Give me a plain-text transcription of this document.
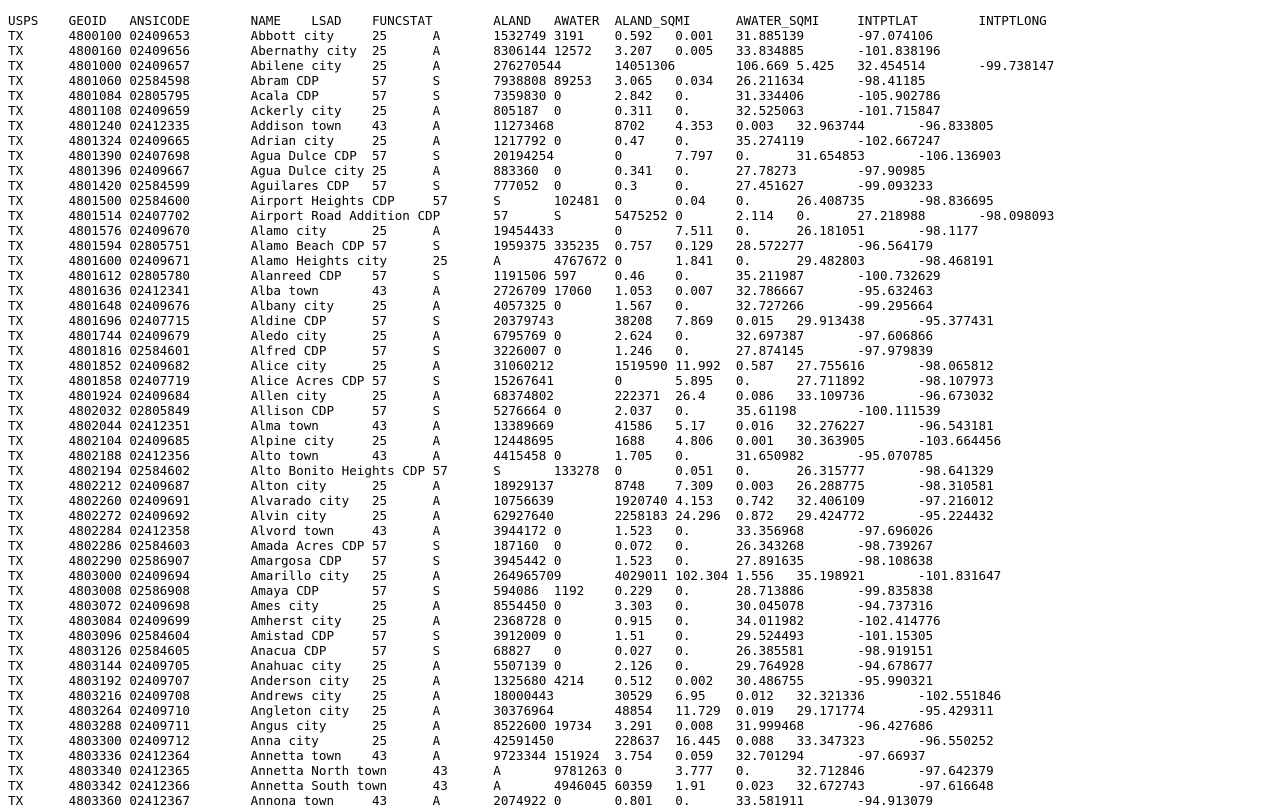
USPS	GEOID	ANSICODE	NAME	LSAD	FUNCSTAT	ALAND	AWATER	ALAND_SQMI	AWATER_SQMI	INTPTLAT	INTPTLONG
TX	4800100	02409653	Abbott city	25	A	1532749	3191	0.592	0.001	31.885139	-97.074106
TX	4800160	02409656	Abernathy city	25	A	8306144	12572	3.207	0.005	33.834885	-101.838196
TX	4801000	02409657	Abilene city	25	A	276270544	14051306	106.669	5.425	32.454514	-99.738147
TX	4801060	02584598	Abram CDP	57	S	7938808	89253	3.065	0.034	26.211634	-98.41185
TX	4801084	02805795	Acala CDP	57	S	7359830	0	2.842	0.	31.334406	-105.902786
TX	4801108	02409659	Ackerly city	25	A	805187	0	0.311	0.	32.525063	-101.715847
TX	4801240	02412335	Addison town	43	A	11273468	8702	4.353	0.003	32.963744	-96.833805
TX	4801324	02409665	Adrian city	25	A	1217792	0	0.47	0.	35.274119	-102.667247
TX	4801390	02407698	Agua Dulce CDP	57	S	20194254	0	7.797	0.	31.654853	-106.136903
TX	4801396	02409667	Agua Dulce city	25	A	883360	0	0.341	0.	27.78273	-97.90985
TX	4801420	02584599	Aguilares CDP	57	S	777052	0	0.3	0.	27.451627	-99.093233
TX	4801500	02584600	Airport Heights CDP	57	S	102481	0	0.04	0.	26.408735	-98.836695
TX	4801514	02407702	Airport Road Addition CDP	57	S	5475252	0	2.114	0.	27.218988	-98.098093
TX	4801576	02409670	Alamo city	25	A	19454433	0	7.511	0.	26.181051	-98.1177
TX	4801594	02805751	Alamo Beach CDP	57	S	1959375	335235	0.757	0.129	28.572277	-96.564179
TX	4801600	02409671	Alamo Heights city	25	A	4767672	0	1.841	0.	29.482803	-98.468191
TX	4801612	02805780	Alanreed CDP	57	S	1191506	597	0.46	0.	35.211987	-100.732629
TX	4801636	02412341	Alba town	43	A	2726709	17060	1.053	0.007	32.786667	-95.632463
TX	4801648	02409676	Albany city	25	A	4057325	0	1.567	0.	32.727266	-99.295664
TX	4801696	02407715	Aldine CDP	57	S	20379743	38208	7.869	0.015	29.913438	-95.377431
TX	4801744	02409679	Aledo city	25	A	6795769	0	2.624	0.	32.697387	-97.606866
TX	4801816	02584601	Alfred CDP	57	S	3226007	0	1.246	0.	27.874145	-97.979839
TX	4801852	02409682	Alice city	25	A	31060212	1519590	11.992	0.587	27.755616	-98.065812
TX	4801858	02407719	Alice Acres CDP	57	S	15267641	0	5.895	0.	27.711892	-98.107973
TX	4801924	02409684	Allen city	25	A	68374802	222371	26.4	0.086	33.109736	-96.673032
TX	4802032	02805849	Allison CDP	57	S	5276664	0	2.037	0.	35.61198	-100.111539
TX	4802044	02412351	Alma town	43	A	13389669	41586	5.17	0.016	32.276227	-96.543181
TX	4802104	02409685	Alpine city	25	A	12448695	1688	4.806	0.001	30.363905	-103.664456
TX	4802188	02412356	Alto town	43	A	4415458	0	1.705	0.	31.650982	-95.070785
TX	4802194	02584602	Alto Bonito Heights CDP	57	S	133278	0	0.051	0.	26.315777	-98.641329
TX	4802212	02409687	Alton city	25	A	18929137	8748	7.309	0.003	26.288775	-98.310581
TX	4802260	02409691	Alvarado city	25	A	10756639	1920740	4.153	0.742	32.406109	-97.216012
TX	4802272	02409692	Alvin city	25	A	62927640	2258183	24.296	0.872	29.424772	-95.224432
TX	4802284	02412358	Alvord town	43	A	3944172	0	1.523	0.	33.356968	-97.696026
TX	4802286	02584603	Amada Acres CDP	57	S	187160	0	0.072	0.	26.343268	-98.739267
TX	4802290	02586907	Amargosa CDP	57	S	3945442	0	1.523	0.	27.891635	-98.108638
TX	4803000	02409694	Amarillo city	25	A	264965709	4029011	102.304	1.556	35.198921	-101.831647
TX	4803008	02586908	Amaya CDP	57	S	594086	1192	0.229	0.	28.713886	-99.835838
TX	4803072	02409698	Ames city	25	A	8554450	0	3.303	0.	30.045078	-94.737316
TX	4803084	02409699	Amherst city	25	A	2368728	0	0.915	0.	34.011982	-102.414776
TX	4803096	02584604	Amistad CDP	57	S	3912009	0	1.51	0.	29.524493	-101.15305
TX	4803126	02584605	Anacua CDP	57	S	68827	0	0.027	0.	26.385581	-98.919151
TX	4803144	02409705	Anahuac city	25	A	5507139	0	2.126	0.	29.764928	-94.678677
TX	4803192	02409707	Anderson city	25	A	1325680	4214	0.512	0.002	30.486755	-95.990321
TX	4803216	02409708	Andrews city	25	A	18000443	30529	6.95	0.012	32.321336	-102.551846
TX	4803264	02409710	Angleton city	25	A	30376964	48854	11.729	0.019	29.171774	-95.429311
TX	4803288	02409711	Angus city	25	A	8522600	19734	3.291	0.008	31.999468	-96.427686
TX	4803300	02409712	Anna city	25	A	42591450	228637	16.445	0.088	33.347323	-96.550252
TX	4803336	02412364	Annetta town	43	A	9723344	151924	3.754	0.059	32.701294	-97.66937
TX	4803340	02412365	Annetta North town	43	A	9781263	0	3.777	0.	32.712846	-97.642379
TX	4803342	02412366	Annetta South town	43	A	4946045	60359	1.91	0.023	32.672743	-97.616648
TX	4803360	02412367	Annona town	43	A	2074922	0	0.801	0.	33.581911	-94.913079
